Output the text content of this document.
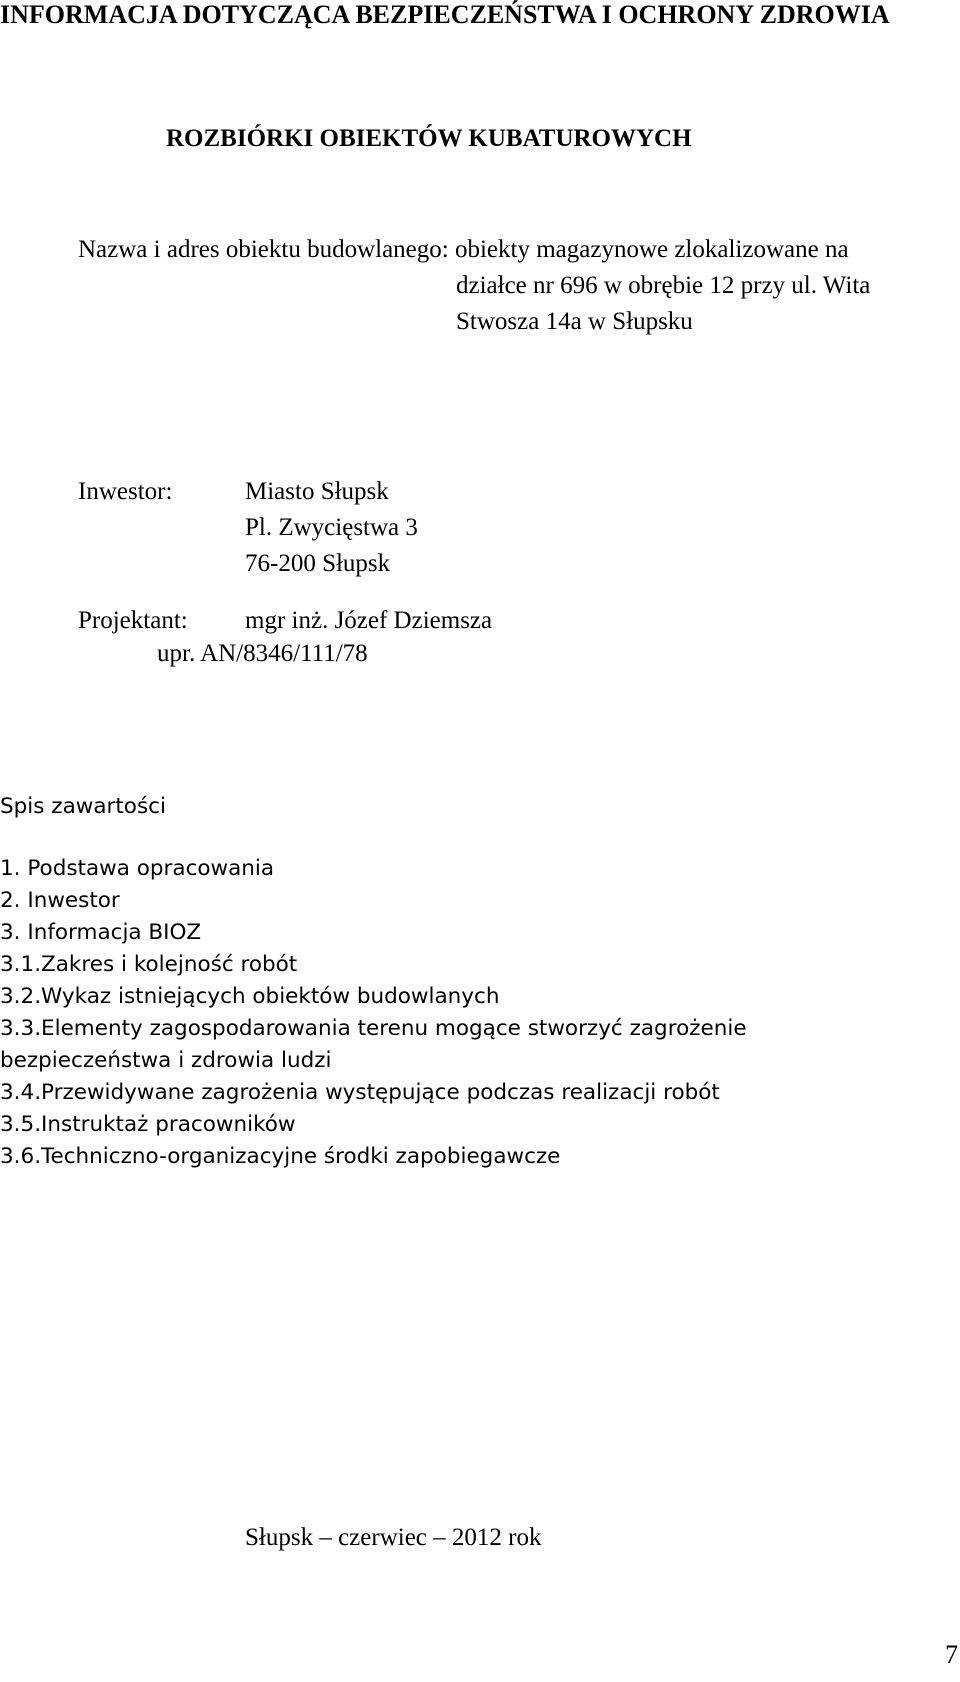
INFORMACJA DOTYCZĄCA BEZPIECZEŃSTWA I OCHRONY ZDROWIA
ROZBIÓRKI OBIEKTÓW KUBATUROWYCH
Nazwa i adres obiektu budowlanego: obiekty magazynowe zlokalizowane na
działce nr 696 w obrębie 12 przy ul. Wita
Stwosza 14a w Słupsku
Inwestor:	Miasto Słupsk
Pl. Zwycięstwa 3
76-200 Słupsk
Projektant: mgr inż. Józef Dziemsza
upr. AN/8346/111/78
Spis zawartości
1. Podstawa opracowania
2. Inwestor
3. Informacja BIOZ
3.1.Zakres i kolejność robót
3.2.Wykaz istniejących obiektów budowlanych
3.3.Elementy zagospodarowania terenu mogące stworzyć zagrożenie
bezpieczeństwa i zdrowia ludzi
3.4.Przewidywane zagrożenia występujące podczas realizacji robót
3.5.Instruktaż pracowników
3.6.Techniczno-organizacyjne środki zapobiegawcze
Słupsk – czerwiec – 2012 rok
7
